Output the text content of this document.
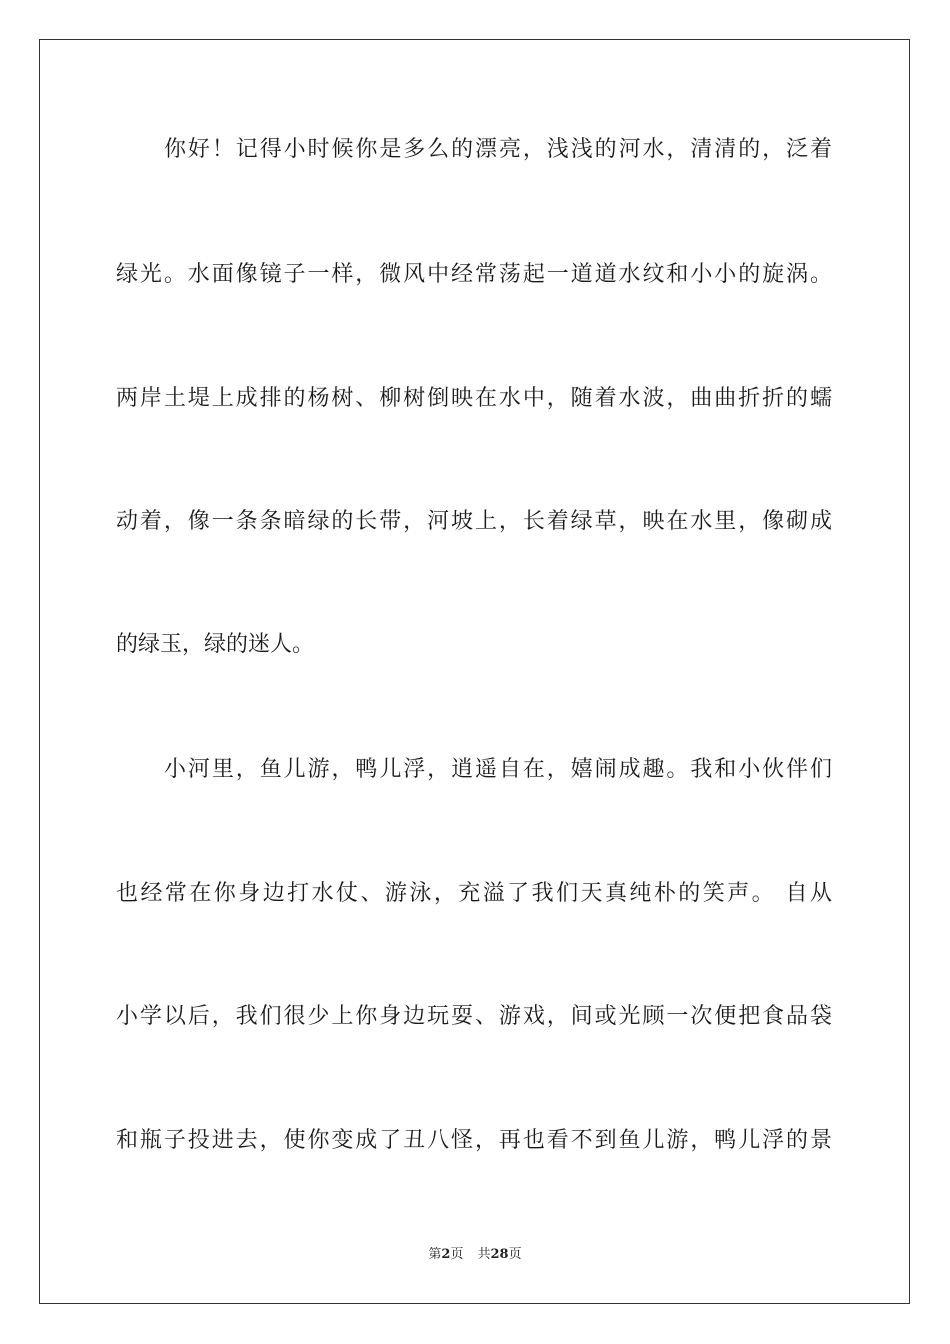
你好！记得小时候你是多么的漂亮，浅浅的河水，清清的，泛着
绿光。水面像镜子一样，微风中经常荡起一道道水纹和小小的旋涡。
两岸土堤上成排的杨树、柳树倒映在水中，随着水波，曲曲折折的蠕
动着，像一条条暗绿的长带，河坡上，长着绿草，映在水里，像砌成
的绿玉，绿的迷人。
小河里，鱼儿游，鸭儿浮，逍遥自在，嬉闹成趣。我和小伙伴们
也经常在你身边打水仗、游泳，充溢了我们天真纯朴的笑声。 自从
小学以后，我们很少上你身边玩耍、游戏，间或光顾一次便把食品袋
和瓶子投进去，使你变成了丑八怪，再也看不到鱼儿游，鸭儿浮的景
第2页 共28页
